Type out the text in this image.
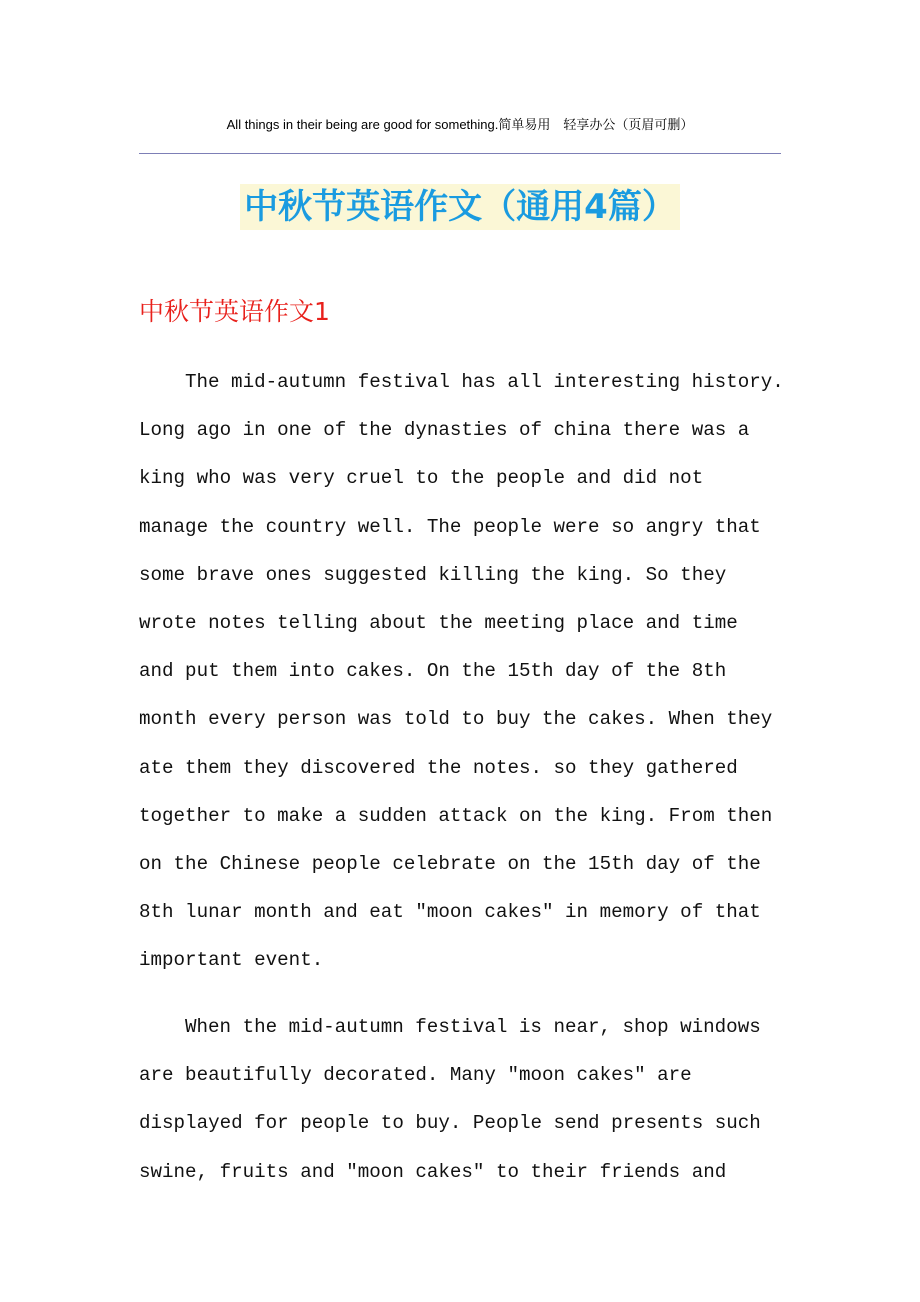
All things in their being are good for something.简单易用　轻享办公（页眉可删）
中秋节英语作文（通用4篇）
中秋节英语作文1
The mid-autumn festival has all interesting history.
Long ago in one of the dynasties of china there was a
king who was very cruel to the people and did not
manage the country well. The people were so angry that
some brave ones suggested killing the king. So they
wrote notes telling about the meeting place and time
and put them into cakes. On the 15th day of the 8th
month every person was told to buy the cakes. When they
ate them they discovered the notes. so they gathered
together to make a sudden attack on the king. From then
on the Chinese people celebrate on the 15th day of the
8th lunar month and eat "moon cakes" in memory of that
important event.
When the mid-autumn festival is near, shop windows
are beautifully decorated. Many "moon cakes" are
displayed for people to buy. People send presents such
swine, fruits and "moon cakes" to their friends and
